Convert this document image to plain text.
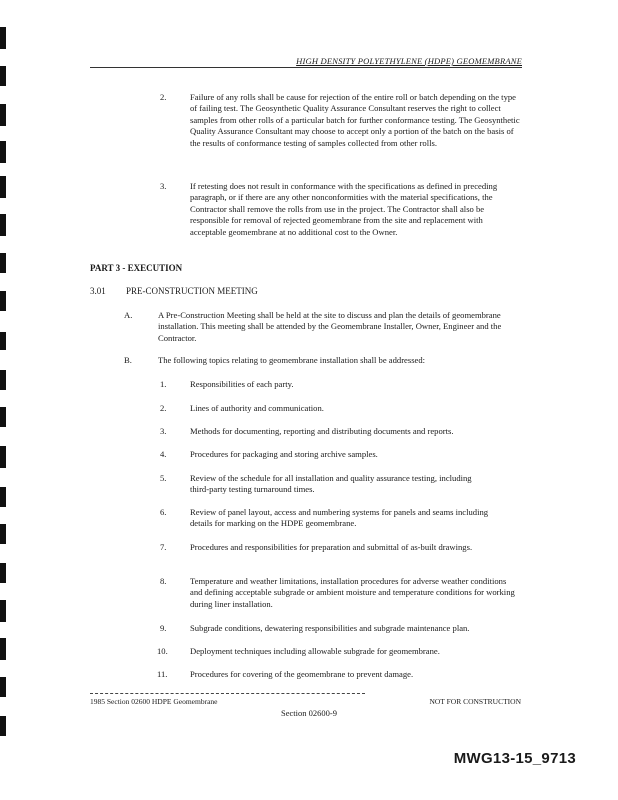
HIGH DENSITY POLYETHYLENE (HDPE) GEOMEMBRANE
2.	Failure of any rolls shall be cause for rejection of the entire roll or batch depending on the type of failing test. The Geosynthetic Quality Assurance Consultant reserves the right to collect samples from other rolls of a particular batch for further conformance testing. The Geosynthetic Quality Assurance Consultant may choose to accept only a portion of the batch on the basis of the results of conformance testing of samples collected from other rolls.
3.	If retesting does not result in conformance with the specifications as defined in preceding paragraph, or if there are any other nonconformities with the material specifications, the Contractor shall remove the rolls from use in the project. The Contractor shall also be responsible for removal of rejected geomembrane from the site and replacement with acceptable geomembrane at no additional cost to the Owner.
PART 3 - EXECUTION
3.01 PRE-CONSTRUCTION MEETING
A.	A Pre-Construction Meeting shall be held at the site to discuss and plan the details of geomembrane installation. This meeting shall be attended by the Geomembrane Installer, Owner, Engineer and the Contractor.
B.	The following topics relating to geomembrane installation shall be addressed:
1.	Responsibilities of each party.
2.	Lines of authority and communication.
3.	Methods for documenting, reporting and distributing documents and reports.
4.	Procedures for packaging and storing archive samples.
5.	Review of the schedule for all installation and quality assurance testing, including third-party testing turnaround times.
6.	Review of panel layout, access and numbering systems for panels and seams including details for marking on the HDPE geomembrane.
7.	Procedures and responsibilities for preparation and submittal of as-built drawings.
8.	Temperature and weather limitations, installation procedures for adverse weather conditions and defining acceptable subgrade or ambient moisture and temperature conditions for working during liner installation.
9.	Subgrade conditions, dewatering responsibilities and subgrade maintenance plan.
10.	Deployment techniques including allowable subgrade for geomembrane.
11.	Procedures for covering of the geomembrane to prevent damage.
1985 Section 02600 HDPE Geomembrane	NOT FOR CONSTRUCTION
Section 02600-9
MWG13-15_9713
